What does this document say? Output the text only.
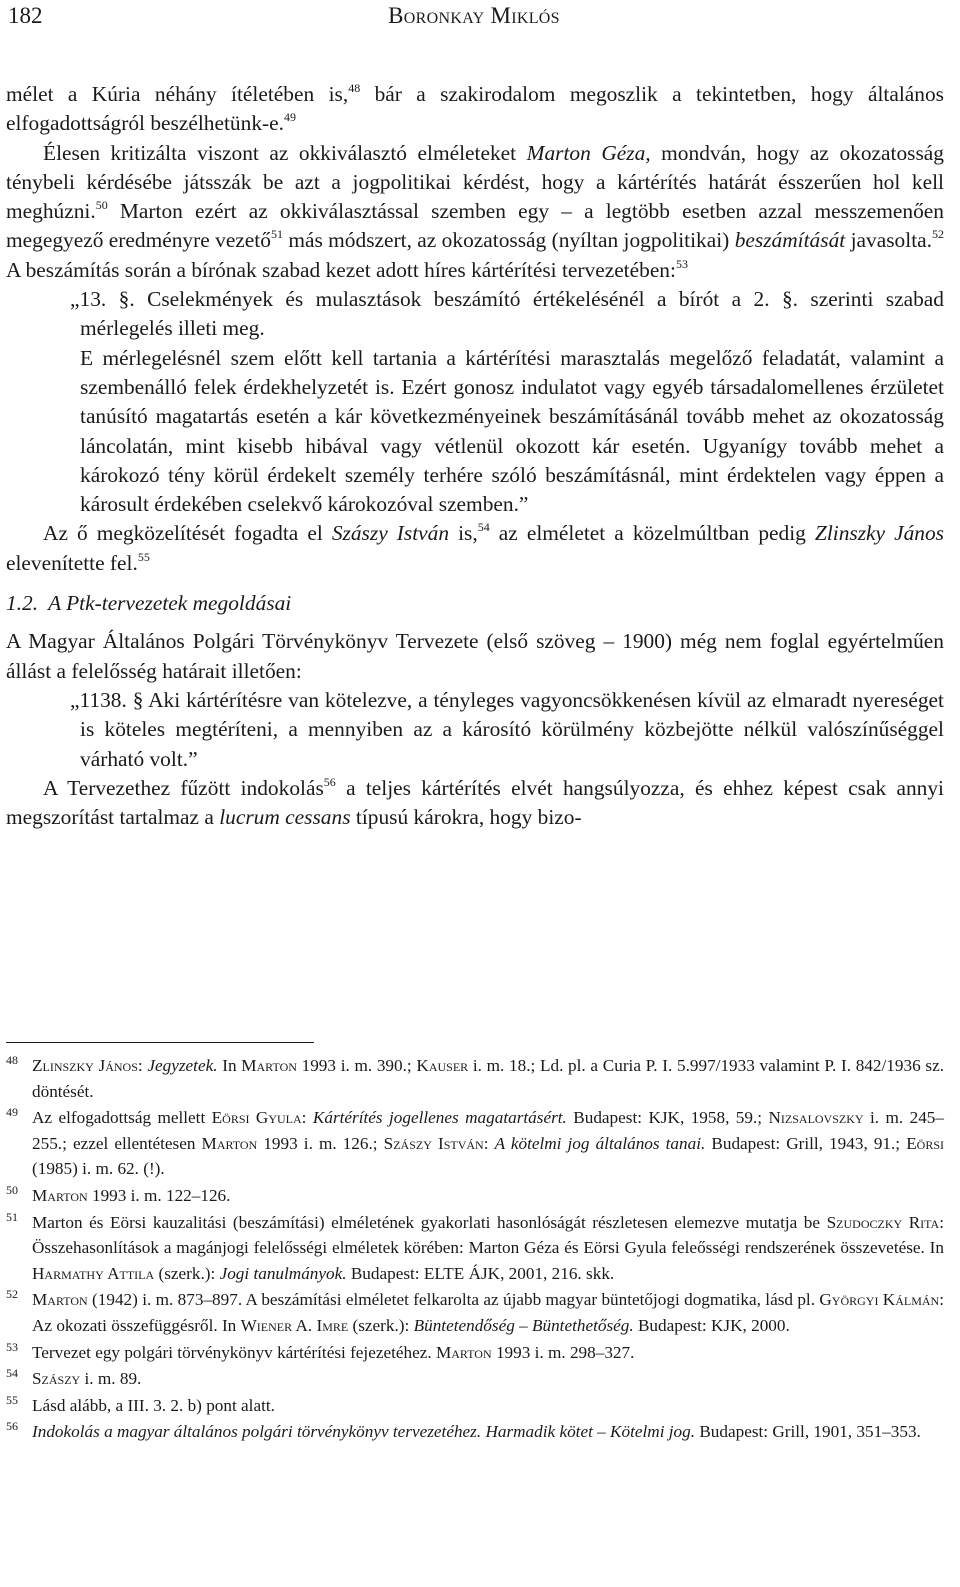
182	Boronkay Miklós

mélet a Kúria néhány ítéletében is,$^{48}$ bár a szakirodalom megoszlik a tekintetben, hogy általános elfogadottságról beszélhetünk-e.$^{49}$

Élesen kritizálta viszont az okkiválasztó elméleteket Marton Géza, mondván, hogy az okozatosság ténybeli kérdésébe játsszák be azt a jogpolitikai kérdést, hogy a kártérítés határát ésszerűen hol kell meghúzni.$^{50}$ Marton ezért az okkiválasztással szemben egy – a legtöbb esetben azzal messzemenően megegyező eredményre vezető$^{51}$ más módszert, az okozatosság (nyíltan jogpolitikai) beszámítását javasolta.$^{52}$ A beszámítás során a bírónak szabad kezet adott híres kártérítési tervezetében:$^{53}$

„13. §. Cselekmények és mulasztások beszámító értékelésénél a bírót a 2. §. szerinti szabad mérlegelés illeti meg.

E mérlegelésnél szem előtt kell tartania a kártérítési marasztalás megelőző feladatát, valamint a szembenálló felek érdekhelyzetét is. Ezért gonosz indulatot vagy egyéb társadalomellenes érzületet tanúsító magatartás esetén a kár következményeinek beszámításánál tovább mehet az okozatosság láncolatán, mint kisebb hibával vagy vétlenül okozott kár esetén. Ugyanígy tovább mehet a károkozó tény körül érdekelt személy terhére szóló beszámításnál, mint érdektelen vagy éppen a károsult érdekében cselekvő károkozóval szemben.”

Az ő megközelítését fogadta el Szászy István is,$^{54}$ az elméletet a közelmúltban pedig Zlinszky János elevenítette fel.$^{55}$

1.2. A Ptk-tervezetek megoldásai

A Magyar Általános Polgári Törvénykönyv Tervezete (első szöveg – 1900) még nem foglal egyértelműen állást a felelősség határait illetően:

„1138. § Aki kártérítésre van kötelezve, a tényleges vagyoncsökkenésen kívül az elmaradt nyereséget is köteles megtéríteni, a mennyiben az a károsító körülmény közbejötte nélkül valószínűséggel várható volt.”

A Tervezethez fűzött indokolás$^{56}$ a teljes kártérítés elvét hangsúlyozza, és ehhez képest csak annyi megszorítást tartalmaz a lucrum cessans típusú károkra, hogy bizo-

48 Zlinszky János: Jegyzetek. In Marton 1993 i. m. 390.; Kauser i. m. 18.; Ld. pl. a Curia P. I. 5.997/1933 valamint P. I. 842/1936 sz. döntését.
49 Az elfogadottság mellett Eörsi Gyula: Kártérítés jogellenes magatartásért. Budapest: KJK, 1958, 59.; Nizsalovszky i. m. 245–255.; ezzel ellentétesen Marton 1993 i. m. 126.; Szászy István: A kötelmi jog általános tanai. Budapest: Grill, 1943, 91.; Eörsi (1985) i. m. 62. (!).
50 Marton 1993 i. m. 122–126.
51 Marton és Eörsi kauzalitási (beszámítási) elméletének gyakorlati hasonlóságát részletesen elemezve mutatja be Szudoczky Rita: Összehasonlítások a magánjogi felelősségi elméletek körében: Marton Géza és Eörsi Gyula feleősségi rendszerének összevetése. In Harmathy Attila (szerk.): Jogi tanulmányok. Budapest: ELTE ÁJK, 2001, 216. skk.
52 Marton (1942) i. m. 873–897. A beszámítási elméletet felkarolta az újabb magyar büntetőjogi dogmatika, lásd pl. Györgyi Kálmán: Az okozati összefüggésről. In Wiener A. Imre (szerk.): Büntetendőség – Büntethetőség. Budapest: KJK, 2000.
53 Tervezet egy polgári törvénykönyv kártérítési fejezetéhez. Marton 1993 i. m. 298–327.
54 Szászy i. m. 89.
55 Lásd alább, a III. 3. 2. b) pont alatt.
56 Indokolás a magyar általános polgári törvénykönyv tervezetéhez. Harmadik kötet – Kötelmi jog. Budapest: Grill, 1901, 351–353.
